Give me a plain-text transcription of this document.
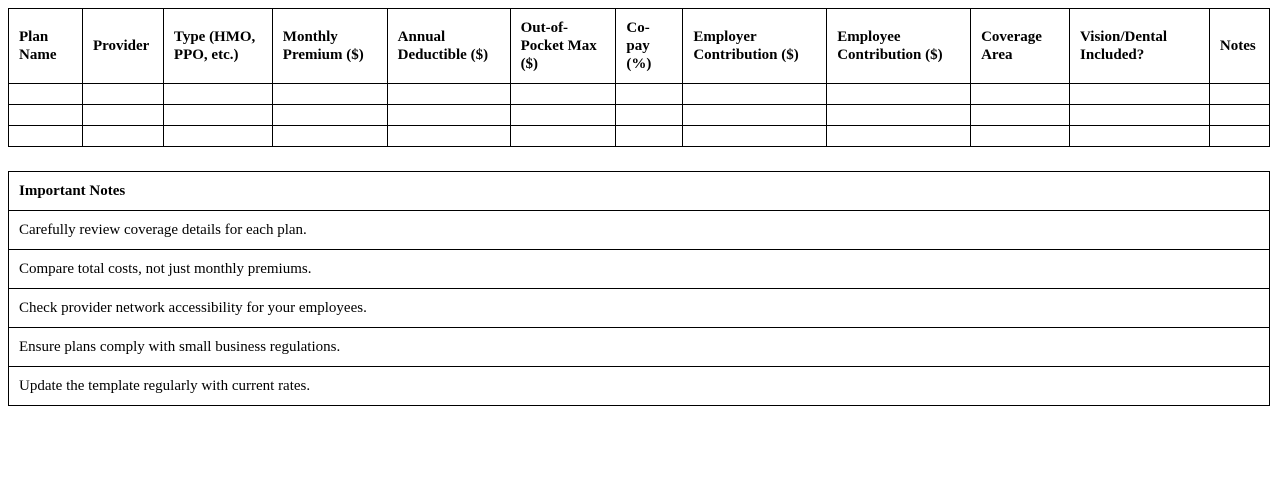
Plan Name	Provider	Type (HMO, PPO, etc.)	Monthly Premium ($)	Annual Deductible ($)	Out-of-Pocket Max ($)	Co-pay (%)	Employer Contribution ($)	Employee Contribution ($)	Coverage Area	Vision/Dental Included?	Notes

Important Notes
Carefully review coverage details for each plan.
Compare total costs, not just monthly premiums.
Check provider network accessibility for your employees.
Ensure plans comply with small business regulations.
Update the template regularly with current rates.
